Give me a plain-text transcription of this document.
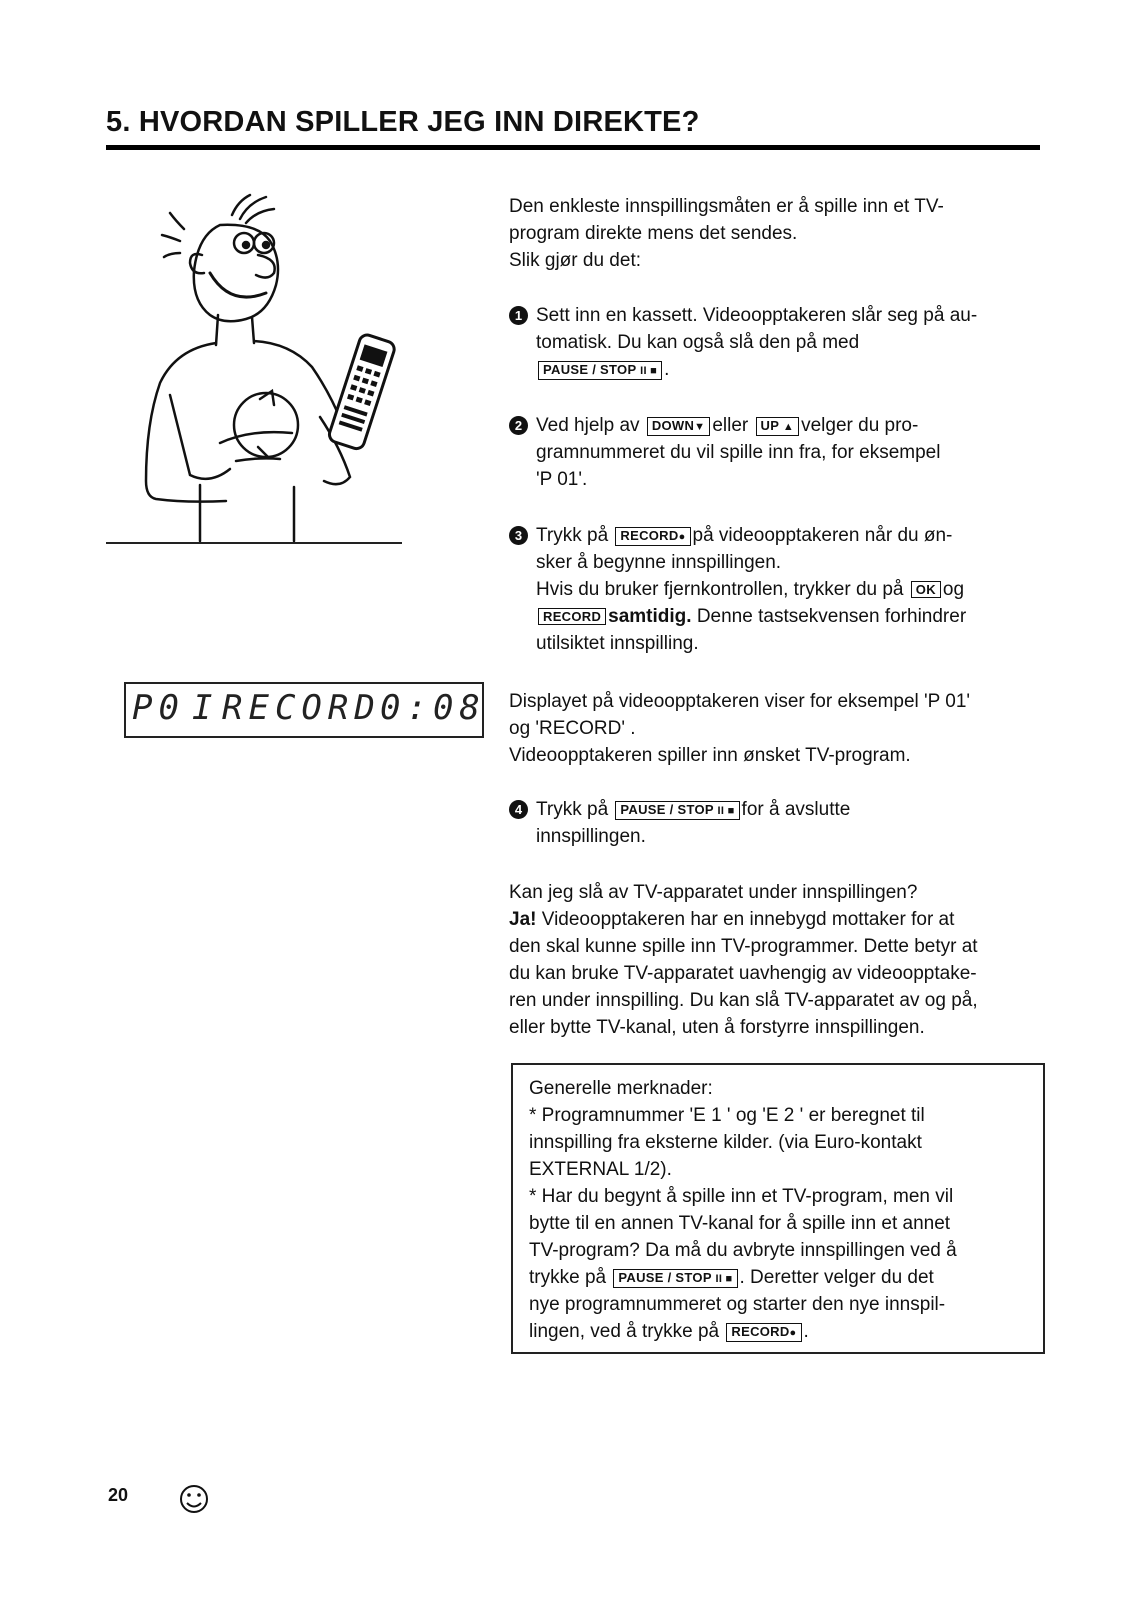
5. HVORDAN SPILLER JEG INN DIREKTE?
Den enkleste innspillingsmåten er å spille inn et TV-
program direkte mens det sendes.
Slik gjør du det:
1 Sett inn en kassett. Videoopptakeren slår seg på au-
tomatisk. Du kan også slå den på med
PAUSE / STOP II ■ .
2 Ved hjelp av DOWN▼ eller UP ▲ velger du pro-
gramnummeret du vil spille inn fra, for eksempel
'P 01'.
3 Trykk på RECORD● på videoopptakeren når du øn-
sker å begynne innspillingen.
Hvis du bruker fjernkontrollen, trykker du på OK og
RECORD samtidig. Denne tastsekvensen forhindrer
utilsiktet innspilling.
P0 I RECORD 0:08 Displayet på videoopptakeren viser for eksempel 'P 01'
og 'RECORD' .
Videoopptakeren spiller inn ønsket TV-program.
4 Trykk på PAUSE / STOP II ■ for å avslutte
innspillingen.
Kan jeg slå av TV-apparatet under innspillingen?
Ja! Videoopptakeren har en innebygd mottaker for at
den skal kunne spille inn TV-programmer. Dette betyr at
du kan bruke TV-apparatet uavhengig av videoopptake-
ren under innspilling. Du kan slå TV-apparatet av og på,
eller bytte TV-kanal, uten å forstyrre innspillingen.
Generelle merknader:
* Programnummer 'E 1 ' og 'E 2 ' er beregnet til
innspilling fra eksterne kilder. (via Euro-kontakt
EXTERNAL 1/2).
* Har du begynt å spille inn et TV-program, men vil
bytte til en annen TV-kanal for å spille inn et annet
TV-program? Da må du avbryte innspillingen ved å
trykke på PAUSE / STOP II ■ . Deretter velger du det
nye programnummeret og starter den nye innspil-
lingen, ved å trykke på RECORD● .
20
